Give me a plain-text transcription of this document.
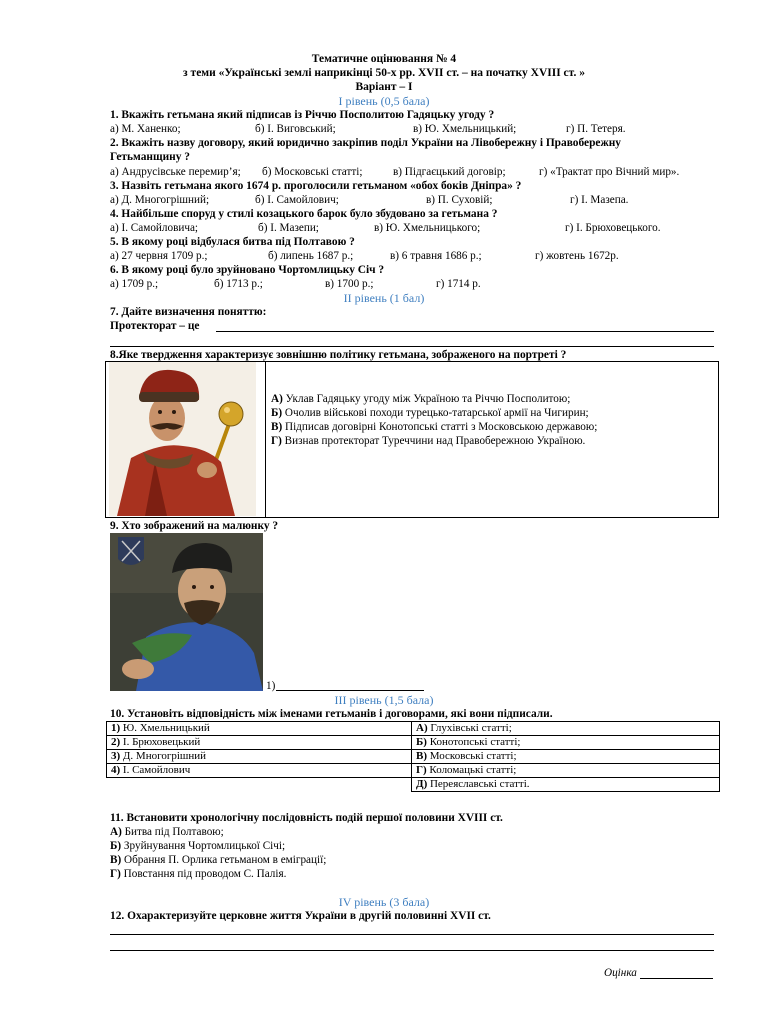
Тематичне оцінювання № 4
з теми «Українські землі наприкінці 50-х рр. XVII ст. – на початку XVIII ст. »
Варіант – І
І рівень (0,5 бала)
1. Вкажіть гетьмана який підписав із Річчю Посполитою Гадяцьку угоду ?
а) М. Ханенко;	б) І. Виговський;	в) Ю. Хмельницький;	г) П. Тетеря.
2. Вкажіть назву договору, який юридично закріпив поділ України на Лівобережну і Правобережну
Гетьманщину ?
а) Андрусівське перемир’я; б) Московські статті;	в) Підгаєцький договір;	г) «Трактат про Вічний мир».
3. Назвіть гетьмана якого 1674 р. проголосили гетьманом «обох боків Дніпра» ?
а) Д. Многогрішний;	б) І. Самойлович;	в) П. Суховій;	г) І. Мазепа.
4. Найбільше споруд у стилі козацького барок було збудовано за гетьмана ?
а) І. Самойловича;	б) І. Мазепи;	в) Ю. Хмельницького;	г) І. Брюховецького.
5. В якому році відбулася битва під Полтавою ?
а) 27 червня 1709 р.;	б) липень 1687 р.;	в) 6 травня 1686 р.;	г) жовтень 1672р.
6. В якому році було зруйновано Чортомлицьку Січ ?
а) 1709 р.;	б) 1713 р.;	в) 1700 р.;	г) 1714 р.
ІІ рівень (1 бал)
7. Дайте визначення поняттю:
Протекторат – це
8.Яке твердження характеризує зовнішню політику гетьмана, зображеного на портреті ?
А) Уклав Гадяцьку угоду між Україною та Річчю Посполитою;
Б) Очолив військові походи турецько-татарської армії на Чигирин;
В) Підписав договірні Конотопські статті з Московською державою;
Г) Визнав протекторат Туреччини над Правобережною Україною.
9. Хто зображений на малюнку ?
1)
ІІІ рівень (1,5 бала)
10. Установіть відповідність між іменами гетьманів і договорами, які вони підписали.
1) Ю. Хмельницький	А) Глухівські статті;
2) І. Брюховецький	Б) Конотопські статті;
3) Д. Многогрішний	В) Московські статті;
4) І. Самойлович	Г) Коломацькі статті;
	Д) Переяславські статті.
11. Встановити хронологічну послідовність подій першої половини XVIII ст.
А) Битва під Полтавою;
Б) Зруйнування Чортомлицької Січі;
В) Обрання П. Орлика гетьманом в еміграції;
Г) Повстання під проводом С. Палія.
ІV рівень (3 бала)
12. Охарактеризуйте церковне життя України в другій половинні XVII ст.
Оцінка
